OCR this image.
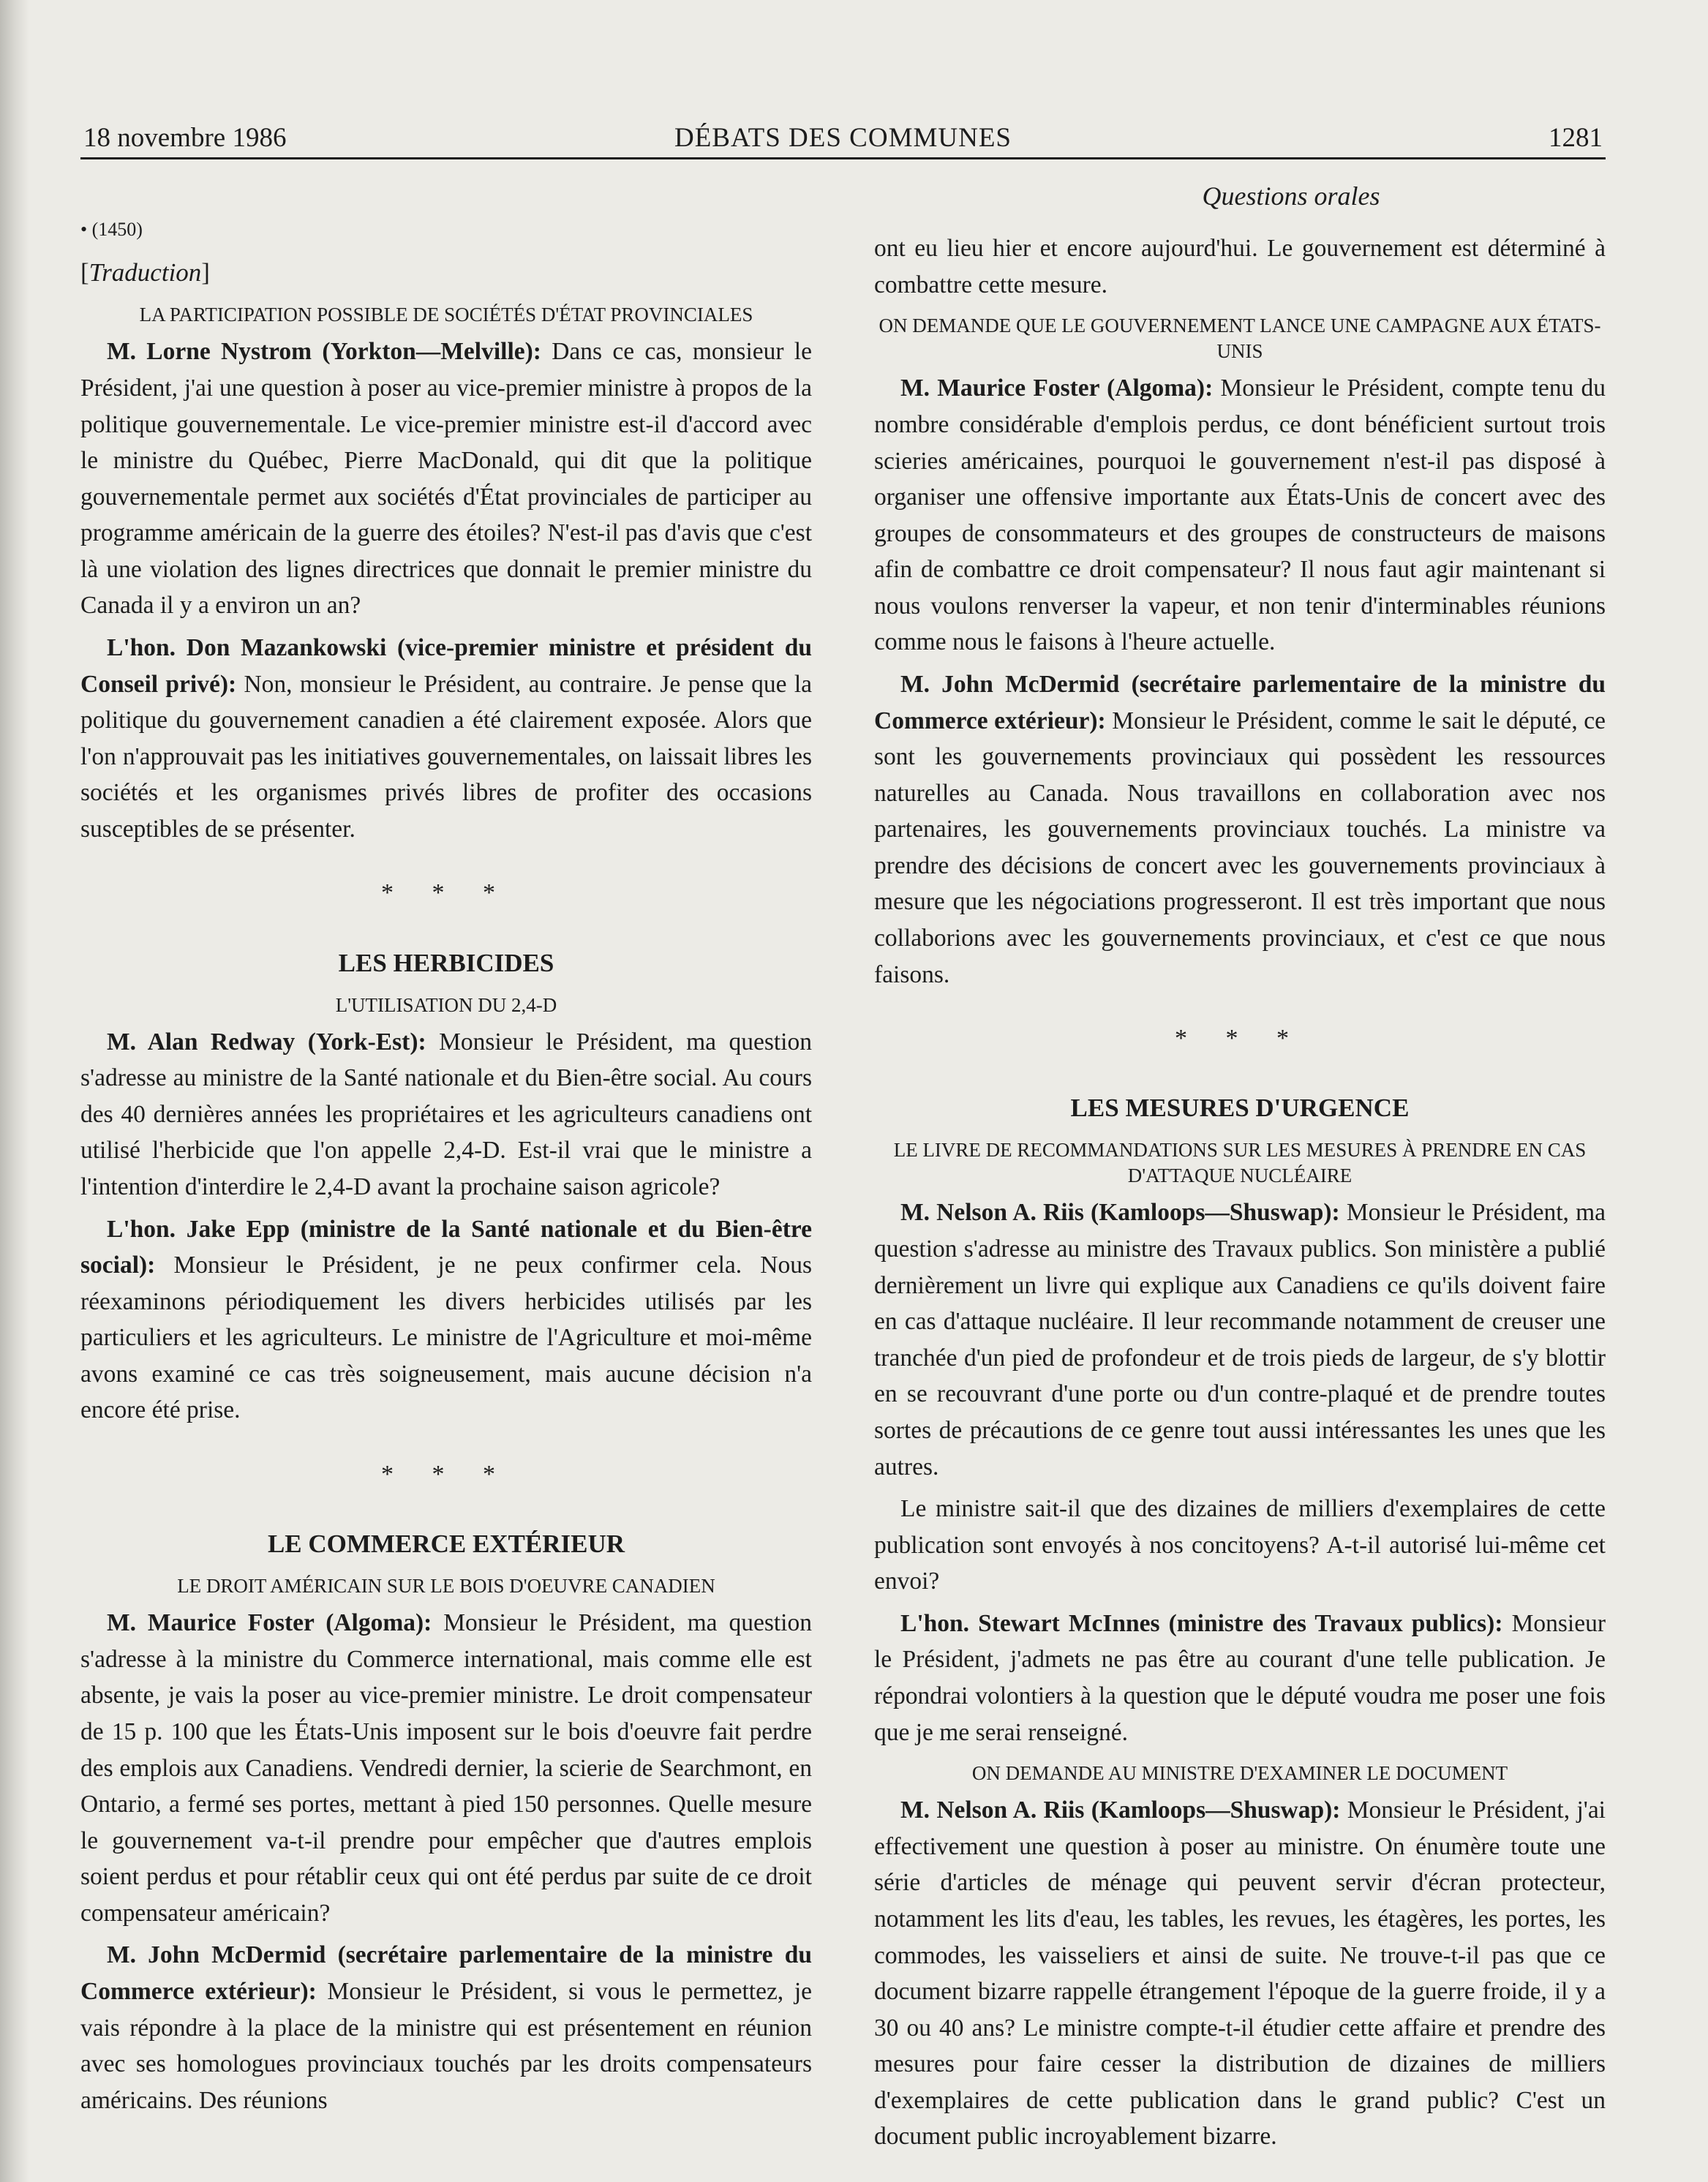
DÉBATS DES COMMUNES
18 novembre 1986	1281
Questions orales
• (1450)
[Traduction]
LA PARTICIPATION POSSIBLE DE SOCIÉTÉS D'ÉTAT PROVINCIALES

M. Lorne Nystrom (Yorkton—Melville): Dans ce cas, monsieur le Président, j'ai une question à poser au vice-premier ministre à propos de la politique gouvernementale. Le vice-premier ministre est-il d'accord avec le ministre du Québec, Pierre MacDonald, qui dit que la politique gouvernementale permet aux sociétés d'État provinciales de participer au programme américain de la guerre des étoiles? N'est-il pas d'avis que c'est là une violation des lignes directrices que donnait le premier ministre du Canada il y a environ un an?

L'hon. Don Mazankowski (vice-premier ministre et président du Conseil privé): Non, monsieur le Président, au contraire. Je pense que la politique du gouvernement canadien a été clairement exposée. Alors que l'on n'approuvait pas les initiatives gouvernementales, on laissait libres les sociétés et les organismes privés libres de profiter des occasions susceptibles de se présenter.

* * *
LES HERBICIDES
L'UTILISATION DU 2,4-D

M. Alan Redway (York-Est): Monsieur le Président, ma question s'adresse au ministre de la Santé nationale et du Bien-être social. Au cours des 40 dernières années les propriétaires et les agriculteurs canadiens ont utilisé l'herbicide que l'on appelle 2,4-D. Est-il vrai que le ministre a l'intention d'interdire le 2,4-D avant la prochaine saison agricole?

L'hon. Jake Epp (ministre de la Santé nationale et du Bien-être social): Monsieur le Président, je ne peux confirmer cela. Nous réexaminons périodiquement les divers herbicides utilisés par les particuliers et les agriculteurs. Le ministre de l'Agriculture et moi-même avons examiné ce cas très soigneusement, mais aucune décision n'a encore été prise.

* * *
LE COMMERCE EXTÉRIEUR
LE DROIT AMÉRICAIN SUR LE BOIS D'OEUVRE CANADIEN

M. Maurice Foster (Algoma): Monsieur le Président, ma question s'adresse à la ministre du Commerce international, mais comme elle est absente, je vais la poser au vice-premier ministre. Le droit compensateur de 15 p. 100 que les États-Unis imposent sur le bois d'oeuvre fait perdre des emplois aux Canadiens. Vendredi dernier, la scierie de Searchmont, en Ontario, a fermé ses portes, mettant à pied 150 personnes. Quelle mesure le gouvernement va-t-il prendre pour empêcher que d'autres emplois soient perdus et pour rétablir ceux qui ont été perdus par suite de ce droit compensateur américain?

M. John McDermid (secrétaire parlementaire de la ministre du Commerce extérieur): Monsieur le Président, si vous le permettez, je vais répondre à la place de la ministre qui est présentement en réunion avec ses homologues provinciaux touchés par les droits compensateurs américains. Des réunions

ont eu lieu hier et encore aujourd'hui. Le gouvernement est déterminé à combattre cette mesure.

ON DEMANDE QUE LE GOUVERNEMENT LANCE UNE CAMPAGNE AUX ÉTATS-UNIS

M. Maurice Foster (Algoma): Monsieur le Président, compte tenu du nombre considérable d'emplois perdus, ce dont bénéficient surtout trois scieries américaines, pourquoi le gouvernement n'est-il pas disposé à organiser une offensive importante aux États-Unis de concert avec des groupes de consommateurs et des groupes de constructeurs de maisons afin de combattre ce droit compensateur? Il nous faut agir maintenant si nous voulons renverser la vapeur, et non tenir d'interminables réunions comme nous le faisons à l'heure actuelle.

M. John McDermid (secrétaire parlementaire de la ministre du Commerce extérieur): Monsieur le Président, comme le sait le député, ce sont les gouvernements provinciaux qui possèdent les ressources naturelles au Canada. Nous travaillons en collaboration avec nos partenaires, les gouvernements provinciaux touchés. La ministre va prendre des décisions de concert avec les gouvernements provinciaux à mesure que les négociations progresseront. Il est très important que nous collaborions avec les gouvernements provinciaux, et c'est ce que nous faisons.

* * *
LES MESURES D'URGENCE
LE LIVRE DE RECOMMANDATIONS SUR LES MESURES À PRENDRE EN CAS D'ATTAQUE NUCLÉAIRE

M. Nelson A. Riis (Kamloops—Shuswap): Monsieur le Président, ma question s'adresse au ministre des Travaux publics. Son ministère a publié dernièrement un livre qui explique aux Canadiens ce qu'ils doivent faire en cas d'attaque nucléaire. Il leur recommande notamment de creuser une tranchée d'un pied de profondeur et de trois pieds de largeur, de s'y blottir en se recouvrant d'une porte ou d'un contre-plaqué et de prendre toutes sortes de précautions de ce genre tout aussi intéressantes les unes que les autres.

Le ministre sait-il que des dizaines de milliers d'exemplaires de cette publication sont envoyés à nos concitoyens? A-t-il autorisé lui-même cet envoi?

L'hon. Stewart McInnes (ministre des Travaux publics): Monsieur le Président, j'admets ne pas être au courant d'une telle publication. Je répondrai volontiers à la question que le député voudra me poser une fois que je me serai renseigné.

ON DEMANDE AU MINISTRE D'EXAMINER LE DOCUMENT

M. Nelson A. Riis (Kamloops—Shuswap): Monsieur le Président, j'ai effectivement une question à poser au ministre. On énumère toute une série d'articles de ménage qui peuvent servir d'écran protecteur, notamment les lits d'eau, les tables, les revues, les étagères, les portes, les commodes, les vaisseliers et ainsi de suite. Ne trouve-t-il pas que ce document bizarre rappelle étrangement l'époque de la guerre froide, il y a 30 ou 40 ans? Le ministre compte-t-il étudier cette affaire et prendre des mesures pour faire cesser la distribution de dizaines de milliers d'exemplaires de cette publication dans le grand public? C'est un document public incroyablement bizarre.
